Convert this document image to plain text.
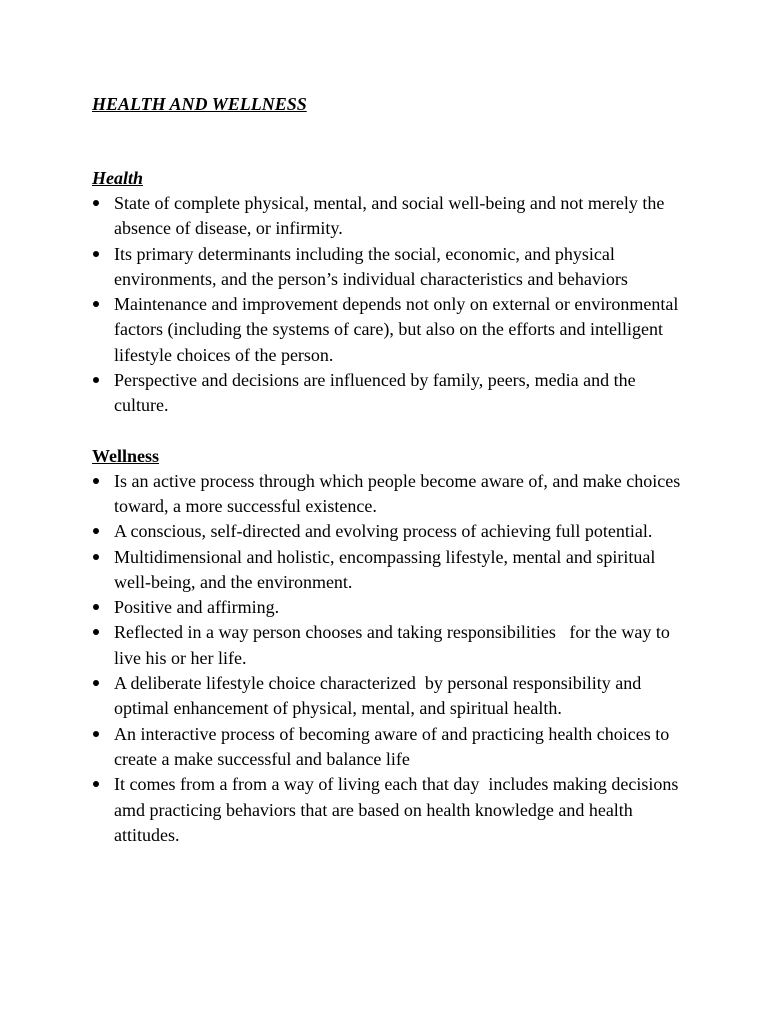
HEALTH AND WELLNESS
Health
State of complete physical, mental, and social well-being and not merely the absence of disease, or infirmity.
Its primary determinants including the social, economic, and physical environments, and the person’s individual characteristics and behaviors
Maintenance and improvement depends not only on external or environmental factors (including the systems of care), but also on the efforts and intelligent lifestyle choices of the person.
Perspective and decisions are influenced by family, peers, media and the culture.
Wellness
Is an active process through which people become aware of, and make choices toward, a more successful existence.
A conscious, self-directed and evolving process of achieving full potential.
Multidimensional and holistic, encompassing lifestyle, mental and spiritual well-being, and the environment.
Positive and affirming.
Reflected in a way person chooses and taking responsibilities   for the way to live his or her life.
A deliberate lifestyle choice characterized  by personal responsibility and optimal enhancement of physical, mental, and spiritual health.
An interactive process of becoming aware of and practicing health choices to create a make successful and balance life
It comes from a from a way of living each that day  includes making decisions amd practicing behaviors that are based on health knowledge and health attitudes.
